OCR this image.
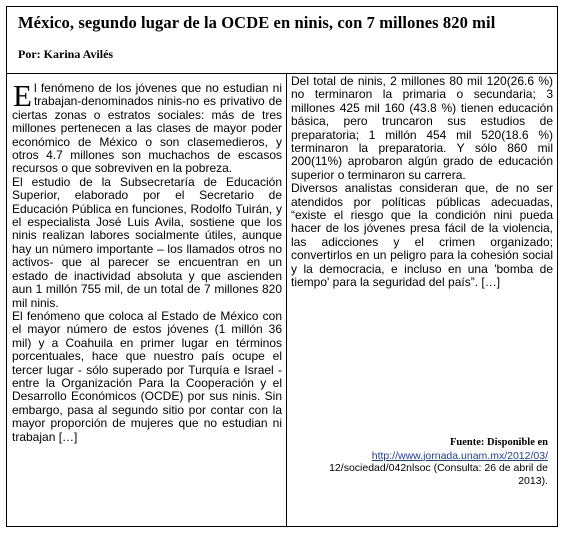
México, segundo lugar de la OCDE en ninis, con 7 millones 820 mil
Por: Karina Avilés

El fenómeno de los jóvenes que no estudian ni trabajan-denominados ninis-no es privativo de ciertas zonas o estratos sociales: más de tres millones pertenecen a las clases de mayor poder económico de México o son clasemedieros, y otros 4.7 millones son muchachos de escasos recursos o que sobreviven en la pobreza.

El estudio de la Subsecretaría de Educación Superior, elaborado por el Secretario de Educación Pública en funciones, Rodolfo Tuirán, y el especialista José Luis Avila, sostiene que los ninis realizan labores socialmente útiles, aunque hay un número importante – los llamados otros no activos- que al parecer se encuentran en un estado de inactividad absoluta y que ascienden aun 1 millón 755 mil, de un total de 7 millones 820 mil ninis.

El fenómeno que coloca al Estado de México con el mayor número de estos jóvenes (1 millón 36 mil) y a Coahuila en primer lugar en términos porcentuales, hace que nuestro país ocupe el tercer lugar - sólo superado por Turquía e Israel - entre la Organización Para la Cooperación y el Desarrollo Económicos (OCDE) por sus ninis. Sin embargo, pasa al segundo sitio por contar con la mayor proporción de mujeres que no estudian ni trabajan […]

Del total de ninis, 2 millones 80 mil 120(26.6 %) no terminaron la primaria o secundaria; 3 millones 425 mil 160 (43.8 %) tienen educación básica, pero truncaron sus estudios de preparatoria; 1 millón 454 mil 520(18.6 %) terminaron la preparatoria. Y sólo 860 mil 200(11%) aprobaron algún grado de educación superior o terminaron su carrera.

Diversos analistas consideran que, de no ser atendidos por políticas públicas adecuadas, “existe el riesgo que la condición nini pueda hacer de los jóvenes presa fácil de la violencia, las adicciones y el crimen organizado; convertirlos en un peligro para la cohesión social y la democracia, e incluso en una 'bomba de tiempo' para la seguridad del país”. […]

Fuente: Disponible en
http://www.jornada.unam.mx/2012/03/
12/sociedad/042nlsoc (Consulta: 26 de abril de 2013).
